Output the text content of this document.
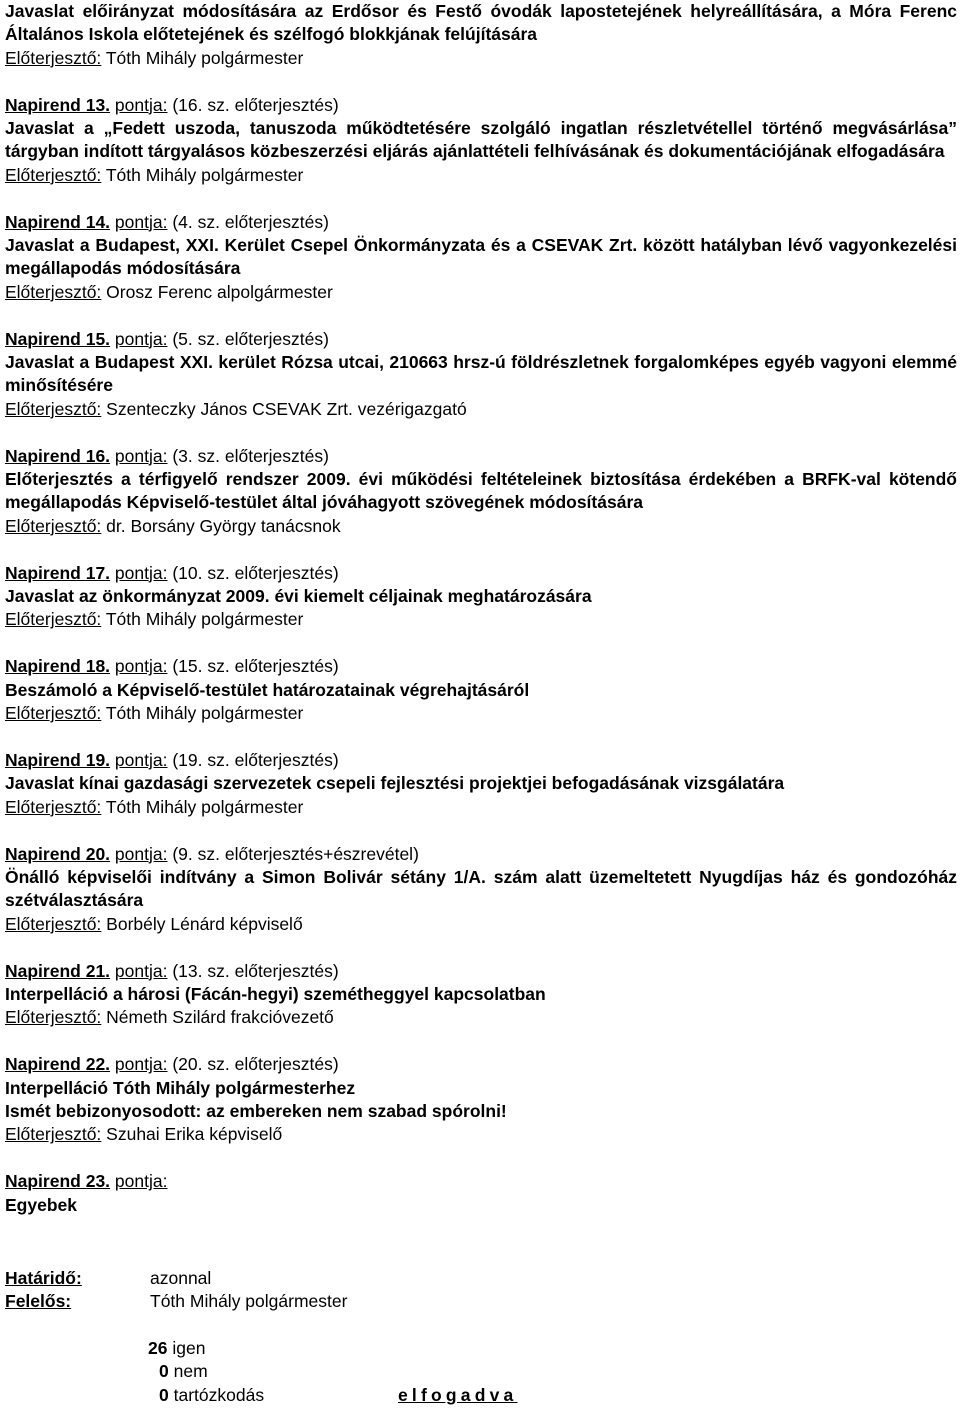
Javaslat előirányzat módosítására az Erdősor és Festő óvodák lapostetejének helyreállítására, a Móra Ferenc Általános Iskola előtetejének és szélfogó blokkjának felújítására
Előterjesztő: Tóth Mihály polgármester
Napirend 13. pontja: (16. sz. előterjesztés)
Javaslat a „Fedett uszoda, tanuszoda működtetésére szolgáló ingatlan részletvétellel történő megvásárlása” tárgyban indított tárgyalásos közbeszerzési eljárás ajánlattételi felhívásának és dokumentációjának elfogadására
Előterjesztő: Tóth Mihály polgármester
Napirend 14. pontja: (4. sz. előterjesztés)
Javaslat a Budapest, XXI. Kerület Csepel Önkormányzata és a CSEVAK Zrt. között hatályban lévő vagyonkezelési megállapodás módosítására
Előterjesztő: Orosz Ferenc alpolgármester
Napirend 15. pontja: (5. sz. előterjesztés)
Javaslat a Budapest XXI. kerület Rózsa utcai, 210663 hrsz-ú földrészletnek forgalomképes egyéb vagyoni elemmé minősítésére
Előterjesztő: Szenteczky János CSEVAK Zrt. vezérigazgató
Napirend 16. pontja: (3. sz. előterjesztés)
Előterjesztés a térfigyelő rendszer 2009. évi működési feltételeinek biztosítása érdekében a BRFK-val kötendő megállapodás Képviselő-testület által jóváhagyott szövegének módosítására
Előterjesztő: dr. Borsány György tanácsnok
Napirend 17. pontja: (10. sz. előterjesztés)
Javaslat az önkormányzat 2009. évi kiemelt céljainak meghatározására
Előterjesztő: Tóth Mihály polgármester
Napirend 18. pontja: (15. sz. előterjesztés)
Beszámoló a Képviselő-testület határozatainak végrehajtásáról
Előterjesztő: Tóth Mihály polgármester
Napirend 19. pontja: (19. sz. előterjesztés)
Javaslat kínai gazdasági szervezetek csepeli fejlesztési projektjei befogadásának vizsgálatára
Előterjesztő: Tóth Mihály polgármester
Napirend 20. pontja: (9. sz. előterjesztés+észrevétel)
Önálló képviselői indítvány a Simon Bolivár sétány 1/A. szám alatt üzemeltetett Nyugdíjas ház és gondozóház szétválasztására
Előterjesztő: Borbély Lénárd képviselő
Napirend 21. pontja: (13. sz. előterjesztés)
Interpelláció a hárosi (Fácán-hegyi) szemétheggyel kapcsolatban
Előterjesztő: Németh Szilárd frakcióvezető
Napirend 22. pontja: (20. sz. előterjesztés)
Interpelláció Tóth Mihály polgármesterhez
Ismét bebizonyosodott: az embereken nem szabad spórolni!
Előterjesztő: Szuhai Erika képviselő
Napirend 23. pontja:
Egyebek
Határidő:	azonnal
Felelős:	Tóth Mihály polgármester
26 igen
0 nem
0 tartózkodás	elfogadva
